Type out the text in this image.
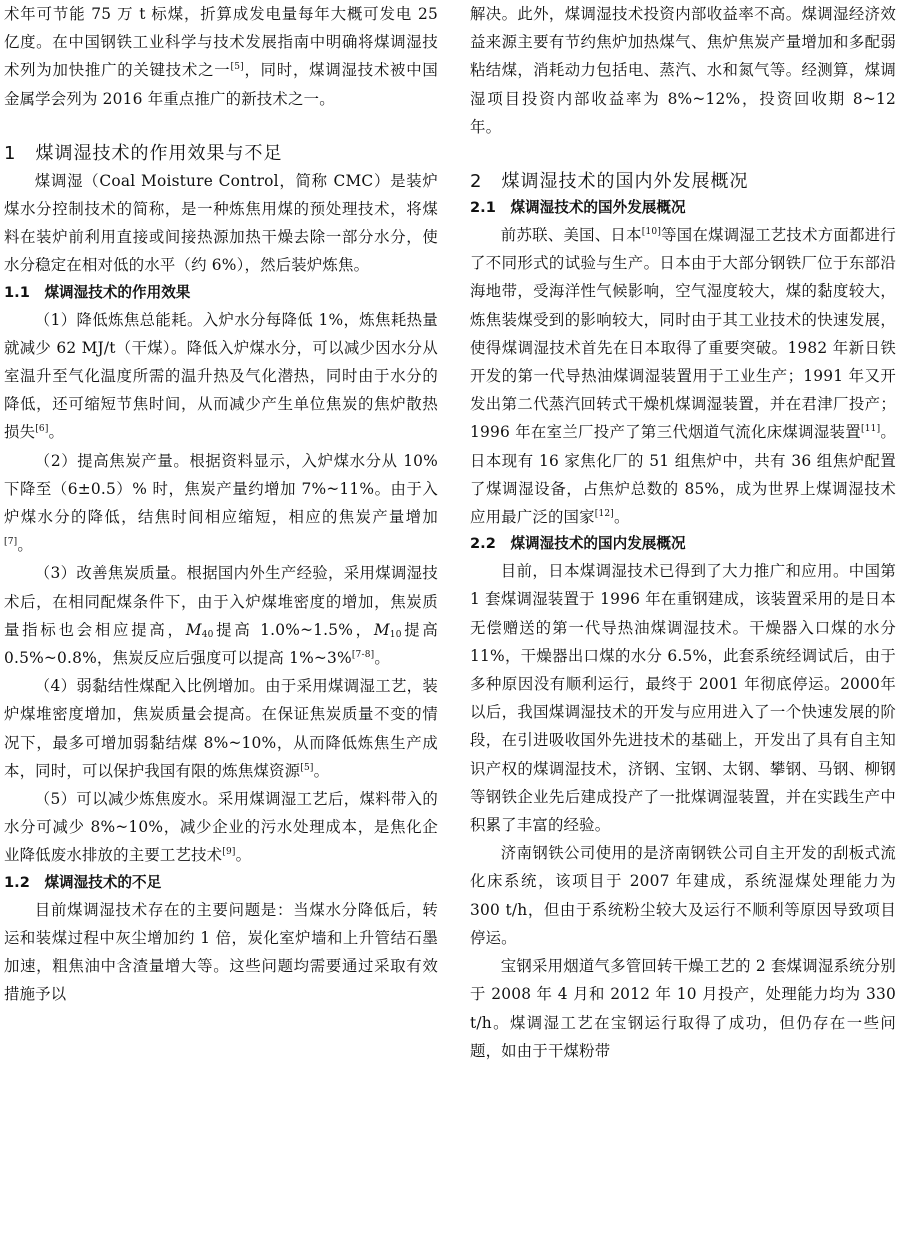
术年可节能 75 万 t 标煤，折算成发电量每年大概可发电 25 亿度。在中国钢铁工业科学与技术发展指南中明确将煤调湿技术列为加快推广的关键技术之一[5]，同时，煤调湿技术被中国金属学会列为 2016 年重点推广的新技术之一。

1　煤调湿技术的作用效果与不足

煤调湿（Coal Moisture Control，简称 CMC）是装炉煤水分控制技术的简称，是一种炼焦用煤的预处理技术，将煤料在装炉前利用直接或间接热源加热干燥去除一部分水分，使水分稳定在相对低的水平（约 6%），然后装炉炼焦。

1.1　煤调湿技术的作用效果

（1）降低炼焦总能耗。入炉水分每降低 1%，炼焦耗热量就减少 62 MJ/t（干煤）。降低入炉煤水分，可以减少因水分从室温升至气化温度所需的温升热及气化潜热，同时由于水分的降低，还可缩短节焦时间，从而减少产生单位焦炭的焦炉散热损失[6]。

（2）提高焦炭产量。根据资料显示，入炉煤水分从 10% 下降至（6±0.5）% 时，焦炭产量约增加 7%~11%。由于入炉煤水分的降低，结焦时间相应缩短，相应的焦炭产量增加[7]。

（3）改善焦炭质量。根据国内外生产经验，采用煤调湿技术后，在相同配煤条件下，由于入炉煤堆密度的增加，焦炭质量指标也会相应提高，$M_{40}$提高 1.0%~1.5%，$M_{10}$提高 0.5%~0.8%，焦炭反应后强度可以提高 1%~3%[7-8]。

（4）弱黏结性煤配入比例增加。由于采用煤调湿工艺，装炉煤堆密度增加，焦炭质量会提高。在保证焦炭质量不变的情况下，最多可增加弱黏结煤 8%~10%，从而降低炼焦生产成本，同时，可以保护我国有限的炼焦煤资源[5]。

（5）可以减少炼焦废水。采用煤调湿工艺后，煤料带入的水分可减少 8%~10%，减少企业的污水处理成本，是焦化企业降低废水排放的主要工艺技术[9]。

1.2　煤调湿技术的不足

目前煤调湿技术存在的主要问题是：当煤水分降低后，转运和装煤过程中灰尘增加约 1 倍，炭化室炉墙和上升管结石墨加速，粗焦油中含渣量增大等。这些问题均需要通过采取有效措施予以

解决。此外，煤调湿技术投资内部收益率不高。煤调湿经济效益来源主要有节约焦炉加热煤气、焦炉焦炭产量增加和多配弱粘结煤，消耗动力包括电、蒸汽、水和氮气等。经测算，煤调湿项目投资内部收益率为 8%~12%，投资回收期 8~12 年。

2　煤调湿技术的国内外发展概况
2.1　煤调湿技术的国外发展概况

前苏联、美国、日本[10]等国在煤调湿工艺技术方面都进行了不同形式的试验与生产。日本由于大部分钢铁厂位于东部沿海地带，受海洋性气候影响，空气湿度较大，煤的黏度较大，炼焦装煤受到的影响较大，同时由于其工业技术的快速发展，使得煤调湿技术首先在日本取得了重要突破。1982 年新日铁开发的第一代导热油煤调湿装置用于工业生产；1991 年又开发出第二代蒸汽回转式干燥机煤调湿装置，并在君津厂投产；1996 年在室兰厂投产了第三代烟道气流化床煤调湿装置[11]。日本现有 16 家焦化厂的 51 组焦炉中，共有 36 组焦炉配置了煤调湿设备，占焦炉总数的 85%，成为世界上煤调湿技术应用最广泛的国家[12]。

2.2　煤调湿技术的国内发展概况

目前，日本煤调湿技术已得到了大力推广和应用。中国第 1 套煤调湿装置于 1996 年在重钢建成，该装置采用的是日本无偿赠送的第一代导热油煤调湿技术。干燥器入口煤的水分 11%，干燥器出口煤的水分 6.5%，此套系统经调试后，由于多种原因没有顺利运行，最终于 2001 年彻底停运。2000年以后，我国煤调湿技术的开发与应用进入了一个快速发展的阶段，在引进吸收国外先进技术的基础上，开发出了具有自主知识产权的煤调湿技术，济钢、宝钢、太钢、攀钢、马钢、柳钢等钢铁企业先后建成投产了一批煤调湿装置，并在实践生产中积累了丰富的经验。

济南钢铁公司使用的是济南钢铁公司自主开发的刮板式流化床系统，该项目于 2007 年建成，系统湿煤处理能力为 300 t/h，但由于系统粉尘较大及运行不顺利等原因导致项目停运。

宝钢采用烟道气多管回转干燥工艺的 2 套煤调湿系统分别于 2008 年 4 月和 2012 年 10 月投产，处理能力均为 330 t/h。煤调湿工艺在宝钢运行取得了成功，但仍存在一些问题，如由于干煤粉带
